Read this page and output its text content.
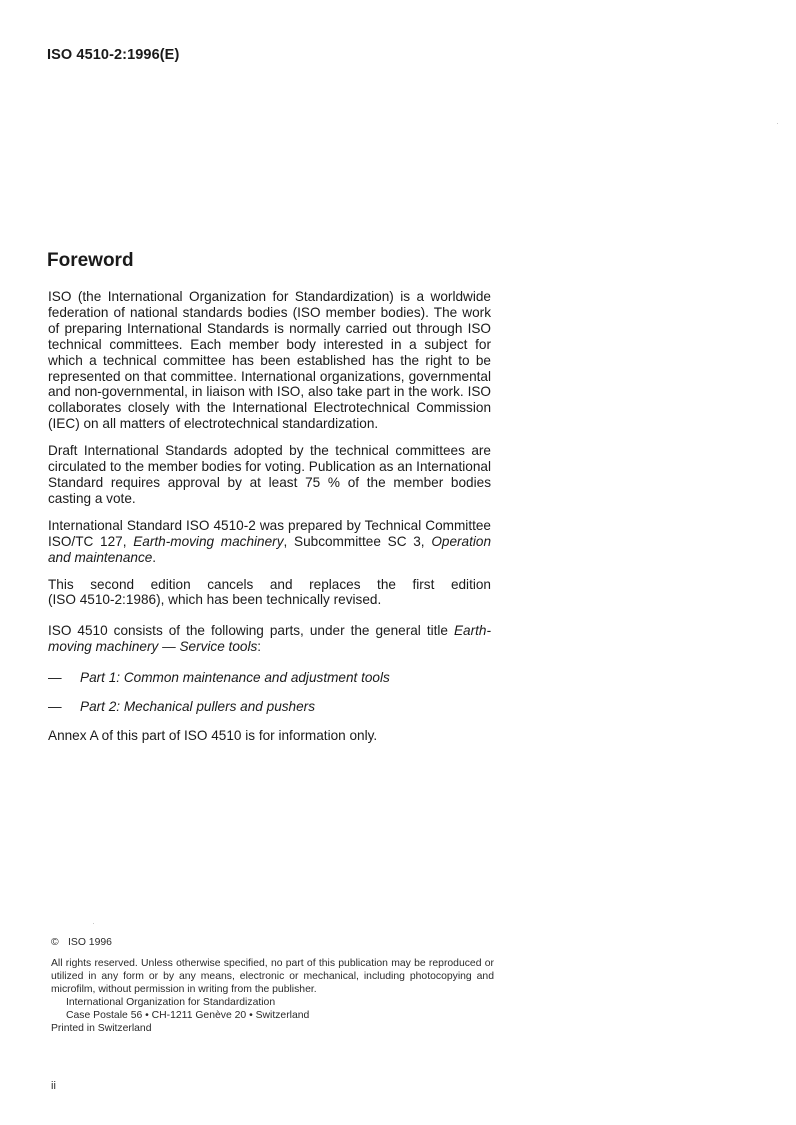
ISO 4510-2:1996(E)
Foreword

ISO (the International Organization for Standardization) is a worldwide federation of national standards bodies (ISO member bodies). The work of preparing International Standards is normally carried out through ISO technical committees. Each member body interested in a subject for which a technical committee has been established has the right to be represented on that committee. International organizations, governmental and non-governmental, in liaison with ISO, also take part in the work. ISO collaborates closely with the International Electrotechnical Commission (IEC) on all matters of electrotechnical standardization.

Draft International Standards adopted by the technical committees are circulated to the member bodies for voting. Publication as an International Standard requires approval by at least 75 % of the member bodies casting a vote.

International Standard ISO 4510-2 was prepared by Technical Committee ISO/TC 127, Earth-moving machinery, Subcommittee SC 3, Operation and maintenance.

This second edition cancels and replaces the first edition
(ISO 4510-2:1986), which has been technically revised.

ISO 4510 consists of the following parts, under the general title Earth-moving machinery — Service tools:

—	Part 1: Common maintenance and adjustment tools
—	Part 2: Mechanical pullers and pushers

Annex A of this part of ISO 4510 is for information only.

© ISO 1996
All rights reserved. Unless otherwise specified, no part of this publication may be reproduced or utilized in any form or by any means, electronic or mechanical, including photocopying and microfilm, without permission in writing from the publisher.
International Organization for Standardization
Case Postale 56 • CH-1211 Genève 20 • Switzerland
Printed in Switzerland
ii
